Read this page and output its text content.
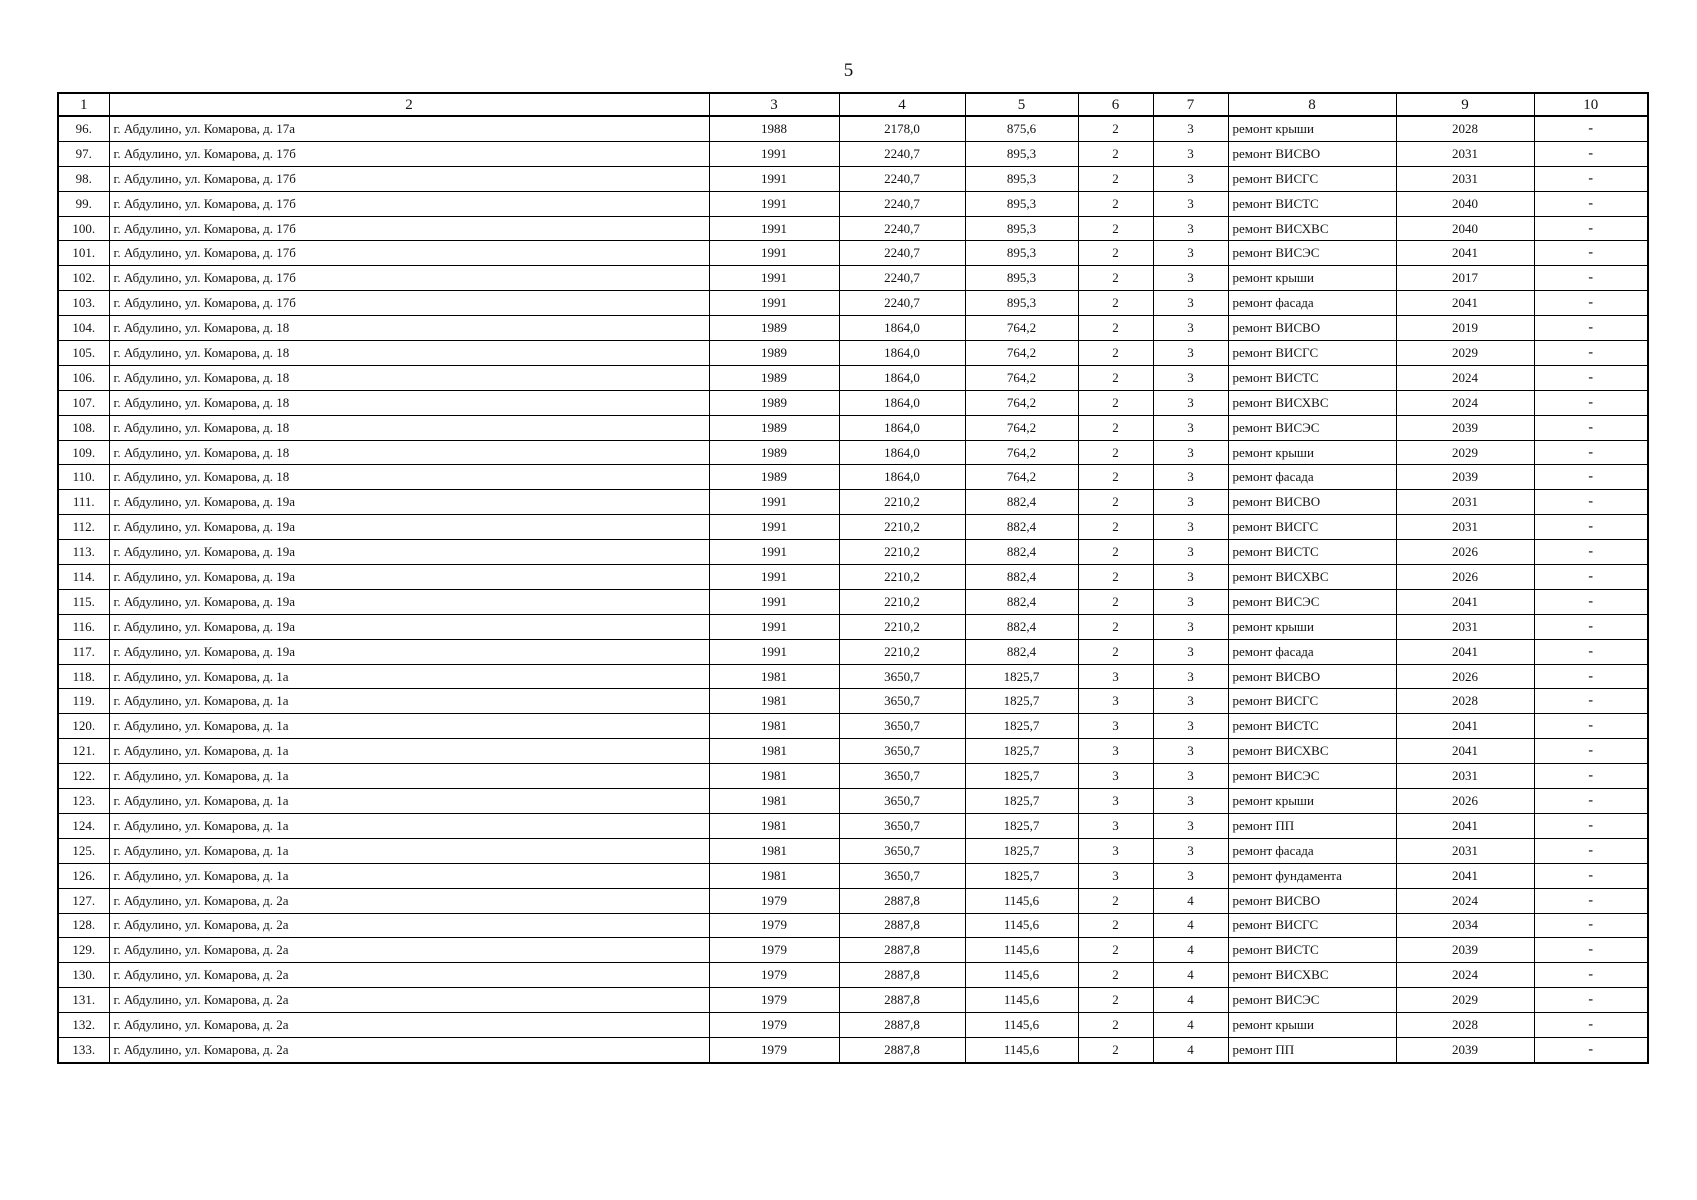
5
1	2	3	4	5	6	7	8	9	10
96.	г. Абдулино, ул. Комарова, д. 17а	1988	2178,0	875,6	2	3	ремонт крыши	2028	-
97.	г. Абдулино, ул. Комарова, д. 17б	1991	2240,7	895,3	2	3	ремонт ВИСВО	2031	-
98.	г. Абдулино, ул. Комарова, д. 17б	1991	2240,7	895,3	2	3	ремонт ВИСГС	2031	-
99.	г. Абдулино, ул. Комарова, д. 17б	1991	2240,7	895,3	2	3	ремонт ВИСТС	2040	-
100.	г. Абдулино, ул. Комарова, д. 17б	1991	2240,7	895,3	2	3	ремонт ВИСХВС	2040	-
101.	г. Абдулино, ул. Комарова, д. 17б	1991	2240,7	895,3	2	3	ремонт ВИСЭС	2041	-
102.	г. Абдулино, ул. Комарова, д. 17б	1991	2240,7	895,3	2	3	ремонт крыши	2017	-
103.	г. Абдулино, ул. Комарова, д. 17б	1991	2240,7	895,3	2	3	ремонт фасада	2041	-
104.	г. Абдулино, ул. Комарова, д. 18	1989	1864,0	764,2	2	3	ремонт ВИСВО	2019	-
105.	г. Абдулино, ул. Комарова, д. 18	1989	1864,0	764,2	2	3	ремонт ВИСГС	2029	-
106.	г. Абдулино, ул. Комарова, д. 18	1989	1864,0	764,2	2	3	ремонт ВИСТС	2024	-
107.	г. Абдулино, ул. Комарова, д. 18	1989	1864,0	764,2	2	3	ремонт ВИСХВС	2024	-
108.	г. Абдулино, ул. Комарова, д. 18	1989	1864,0	764,2	2	3	ремонт ВИСЭС	2039	-
109.	г. Абдулино, ул. Комарова, д. 18	1989	1864,0	764,2	2	3	ремонт крыши	2029	-
110.	г. Абдулино, ул. Комарова, д. 18	1989	1864,0	764,2	2	3	ремонт фасада	2039	-
111.	г. Абдулино, ул. Комарова, д. 19а	1991	2210,2	882,4	2	3	ремонт ВИСВО	2031	-
112.	г. Абдулино, ул. Комарова, д. 19а	1991	2210,2	882,4	2	3	ремонт ВИСГС	2031	-
113.	г. Абдулино, ул. Комарова, д. 19а	1991	2210,2	882,4	2	3	ремонт ВИСТС	2026	-
114.	г. Абдулино, ул. Комарова, д. 19а	1991	2210,2	882,4	2	3	ремонт ВИСХВС	2026	-
115.	г. Абдулино, ул. Комарова, д. 19а	1991	2210,2	882,4	2	3	ремонт ВИСЭС	2041	-
116.	г. Абдулино, ул. Комарова, д. 19а	1991	2210,2	882,4	2	3	ремонт крыши	2031	-
117.	г. Абдулино, ул. Комарова, д. 19а	1991	2210,2	882,4	2	3	ремонт фасада	2041	-
118.	г. Абдулино, ул. Комарова, д. 1а	1981	3650,7	1825,7	3	3	ремонт ВИСВО	2026	-
119.	г. Абдулино, ул. Комарова, д. 1а	1981	3650,7	1825,7	3	3	ремонт ВИСГС	2028	-
120.	г. Абдулино, ул. Комарова, д. 1а	1981	3650,7	1825,7	3	3	ремонт ВИСТС	2041	-
121.	г. Абдулино, ул. Комарова, д. 1а	1981	3650,7	1825,7	3	3	ремонт ВИСХВС	2041	-
122.	г. Абдулино, ул. Комарова, д. 1а	1981	3650,7	1825,7	3	3	ремонт ВИСЭС	2031	-
123.	г. Абдулино, ул. Комарова, д. 1а	1981	3650,7	1825,7	3	3	ремонт крыши	2026	-
124.	г. Абдулино, ул. Комарова, д. 1а	1981	3650,7	1825,7	3	3	ремонт ПП	2041	-
125.	г. Абдулино, ул. Комарова, д. 1а	1981	3650,7	1825,7	3	3	ремонт фасада	2031	-
126.	г. Абдулино, ул. Комарова, д. 1а	1981	3650,7	1825,7	3	3	ремонт фундамента	2041	-
127.	г. Абдулино, ул. Комарова, д. 2а	1979	2887,8	1145,6	2	4	ремонт ВИСВО	2024	-
128.	г. Абдулино, ул. Комарова, д. 2а	1979	2887,8	1145,6	2	4	ремонт ВИСГС	2034	-
129.	г. Абдулино, ул. Комарова, д. 2а	1979	2887,8	1145,6	2	4	ремонт ВИСТС	2039	-
130.	г. Абдулино, ул. Комарова, д. 2а	1979	2887,8	1145,6	2	4	ремонт ВИСХВС	2024	-
131.	г. Абдулино, ул. Комарова, д. 2а	1979	2887,8	1145,6	2	4	ремонт ВИСЭС	2029	-
132.	г. Абдулино, ул. Комарова, д. 2а	1979	2887,8	1145,6	2	4	ремонт крыши	2028	-
133.	г. Абдулино, ул. Комарова, д. 2а	1979	2887,8	1145,6	2	4	ремонт ПП	2039	-
